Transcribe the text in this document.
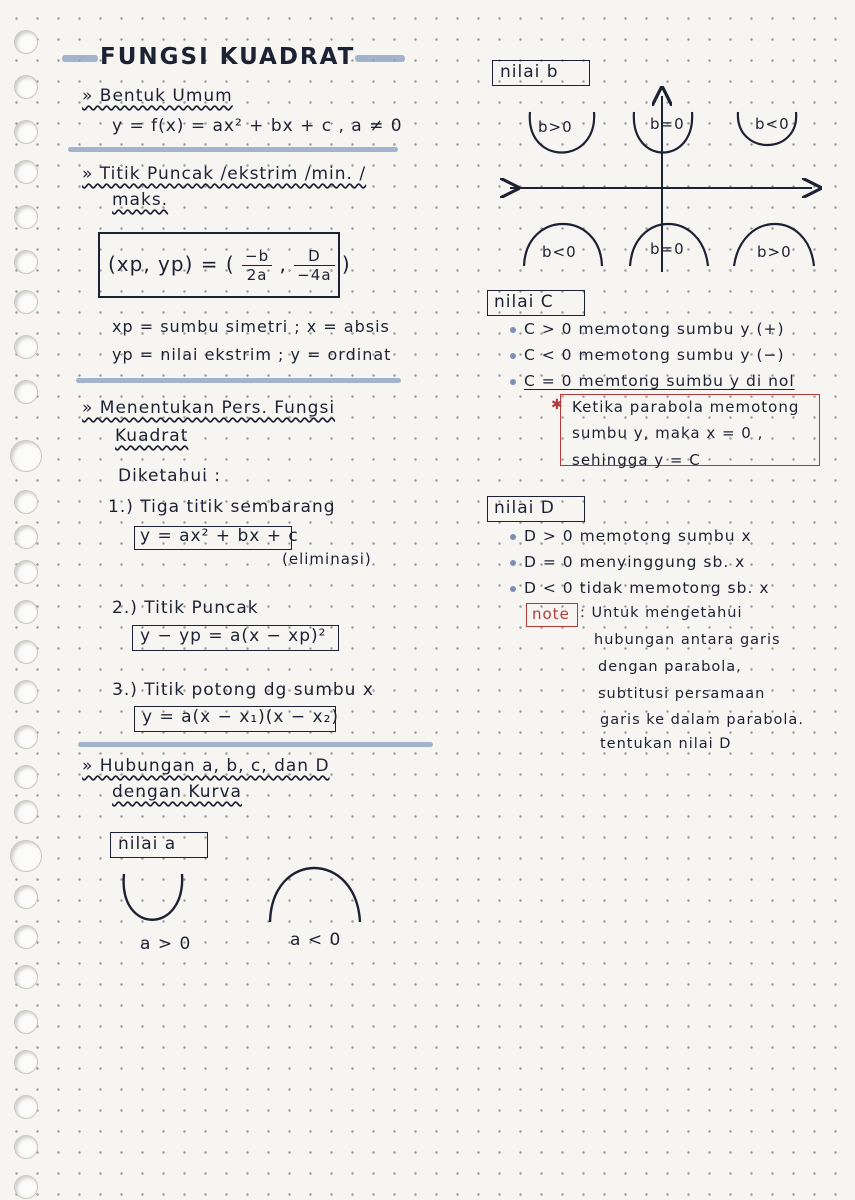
FUNGSI KUADRAT
» Bentuk Umum
y = f(x) = ax² + bx + c , a ≠ 0
» Titik Puncak /ekstrim /min. /
maks.
(xp, yp) = ( $\frac{-b}{2a}$ , $\frac{D}{-4a}$ )
xp = sumbu simetri ; x = absis
yp = nilai ekstrim ; y = ordinat
» Menentukan Pers. Fungsi
Kuadrat
Diketahui :
1.) Tiga titik sembarang
y = ax² + bx + c
(eliminasi)
2.) Titik Puncak
y − yp = a(x − xp)²
3.) Titik potong dg sumbu x
y = a(x − x₁)(x − x₂)
» Hubungan a, b, c, dan D
dengan Kurva
nilai a
a > 0	a < 0
nilai b
b>0	b=0	b<0
b<0	b=0	b>0
nilai C
C > 0 memotong sumbu y (+)
C < 0 memotong sumbu y (−)
C = 0 memtong sumbu y di nol
✱ Ketika parabola memotong
sumbu y, maka x = 0 ,
sehingga y = C
nilai D
D > 0 memotong sumbu x
D = 0 menyinggung sb. x
D < 0 tidak memotong sb. x
note : Untuk mengetahui
hubungan antara garis
dengan parabola,
subtitusi persamaan
garis ke dalam parabola.
tentukan nilai D
